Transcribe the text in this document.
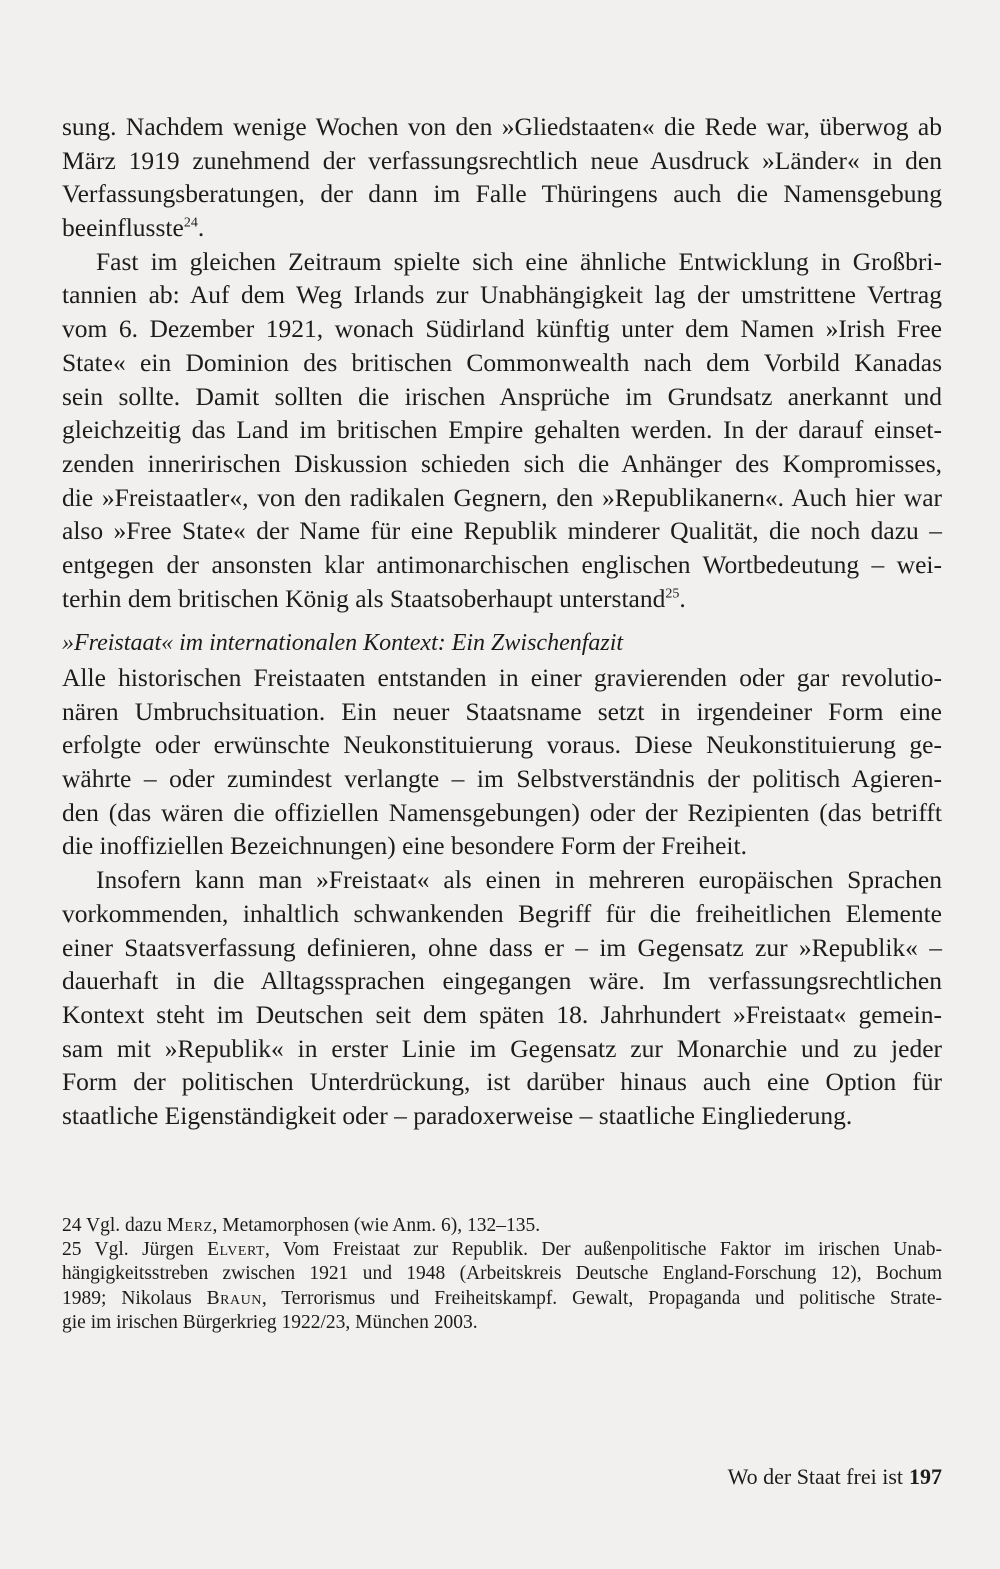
sung. Nachdem wenige Wochen von den »Gliedstaaten« die Rede war, überwog ab
März 1919 zunehmend der verfassungsrechtlich neue Ausdruck »Länder« in den
Verfassungsberatungen, der dann im Falle Thüringens auch die Namensgebung
beeinflusste$^{24}$.
Fast im gleichen Zeitraum spielte sich eine ähnliche Entwicklung in Großbri-
tannien ab: Auf dem Weg Irlands zur Unabhängigkeit lag der umstrittene Vertrag
vom 6. Dezember 1921, wonach Südirland künftig unter dem Namen »Irish Free
State« ein Dominion des britischen Commonwealth nach dem Vorbild Kanadas
sein sollte. Damit sollten die irischen Ansprüche im Grundsatz anerkannt und
gleichzeitig das Land im britischen Empire gehalten werden. In der darauf einset-
zenden inneririschen Diskussion schieden sich die Anhänger des Kompromisses,
die »Freistaatler«, von den radikalen Gegnern, den »Republikanern«. Auch hier war
also »Free State« der Name für eine Republik minderer Qualität, die noch dazu –
entgegen der ansonsten klar antimonarchischen englischen Wortbedeutung – wei-
terhin dem britischen König als Staatsoberhaupt unterstand$^{25}$.
»Freistaat« im internationalen Kontext: Ein Zwischenfazit
Alle historischen Freistaaten entstanden in einer gravierenden oder gar revolutio-
nären Umbruchsituation. Ein neuer Staatsname setzt in irgendeiner Form eine
erfolgte oder erwünschte Neukonstituierung voraus. Diese Neukonstituierung ge-
währte – oder zumindest verlangte – im Selbstverständnis der politisch Agieren-
den (das wären die offiziellen Namensgebungen) oder der Rezipienten (das betrifft
die inoffiziellen Bezeichnungen) eine besondere Form der Freiheit.
Insofern kann man »Freistaat« als einen in mehreren europäischen Sprachen
vorkommenden, inhaltlich schwankenden Begriff für die freiheitlichen Elemente
einer Staatsverfassung definieren, ohne dass er – im Gegensatz zur »Republik« –
dauerhaft in die Alltagssprachen eingegangen wäre. Im verfassungsrechtlichen
Kontext steht im Deutschen seit dem späten 18. Jahrhundert »Freistaat« gemein-
sam mit »Republik« in erster Linie im Gegensatz zur Monarchie und zu jeder
Form der politischen Unterdrückung, ist darüber hinaus auch eine Option für
staatliche Eigenständigkeit oder – paradoxerweise – staatliche Eingliederung.
24 Vgl. dazu Merz, Metamorphosen (wie Anm. 6), 132–135.
25 Vgl. Jürgen Elvert, Vom Freistaat zur Republik. Der außenpolitische Faktor im irischen Unab-
hängigkeitsstreben zwischen 1921 und 1948 (Arbeitskreis Deutsche England-Forschung 12), Bochum
1989; Nikolaus Braun, Terrorismus und Freiheitskampf. Gewalt, Propaganda und politische Strate-
gie im irischen Bürgerkrieg 1922/23, München 2003.
Wo der Staat frei ist 197
